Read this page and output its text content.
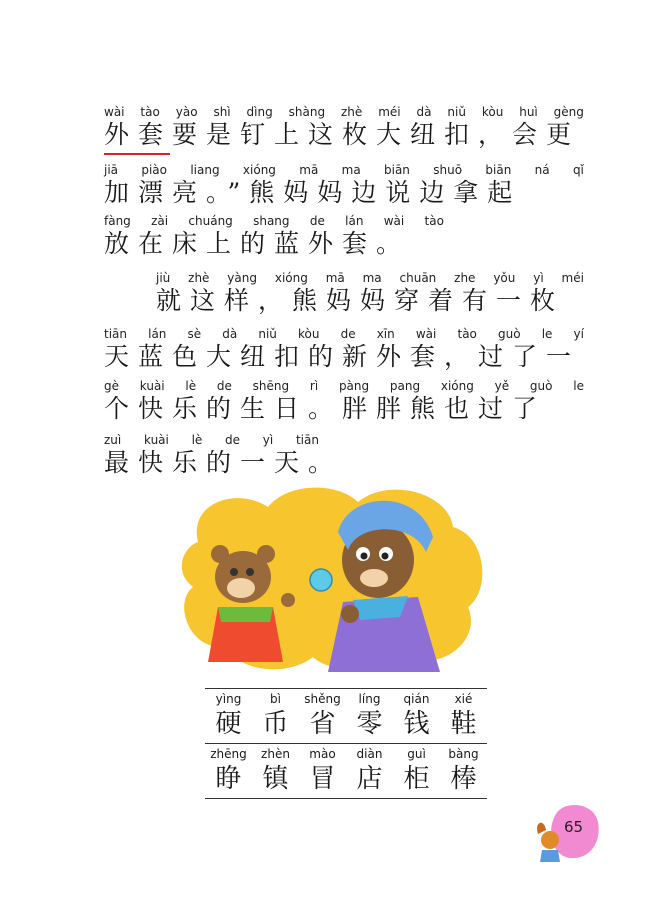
wài tào yào shì dìng shàng zhè méi dà niǔ kòu huì gèng
外套要是钉上这枚大纽扣，会更
jiā piào liang xióng mā ma biān shuō biān ná qǐ
加漂亮。”熊妈妈边说边拿起
fàng zài chuáng shang de lán wài tào
放在床上的蓝外套。
jiù zhè yàng xióng mā ma chuān zhe yǒu yì méi
就这样，熊妈妈穿着有一枚
tiān lán sè dà niǔ kòu de xīn wài tào guò le yí
天蓝色大纽扣的新外套，过了一
gè kuài lè de shēng rì pàng pang xióng yě guò le
个快乐的生日。胖胖熊也过了
zuì kuài lè de yì tiān
最快乐的一天。
yìng	bì	shěng	líng	qián	xié
硬 币 省 零 钱 鞋
zhēng	zhèn	mào	diàn	guì	bàng
睁 镇 冒 店 柜 棒
65
